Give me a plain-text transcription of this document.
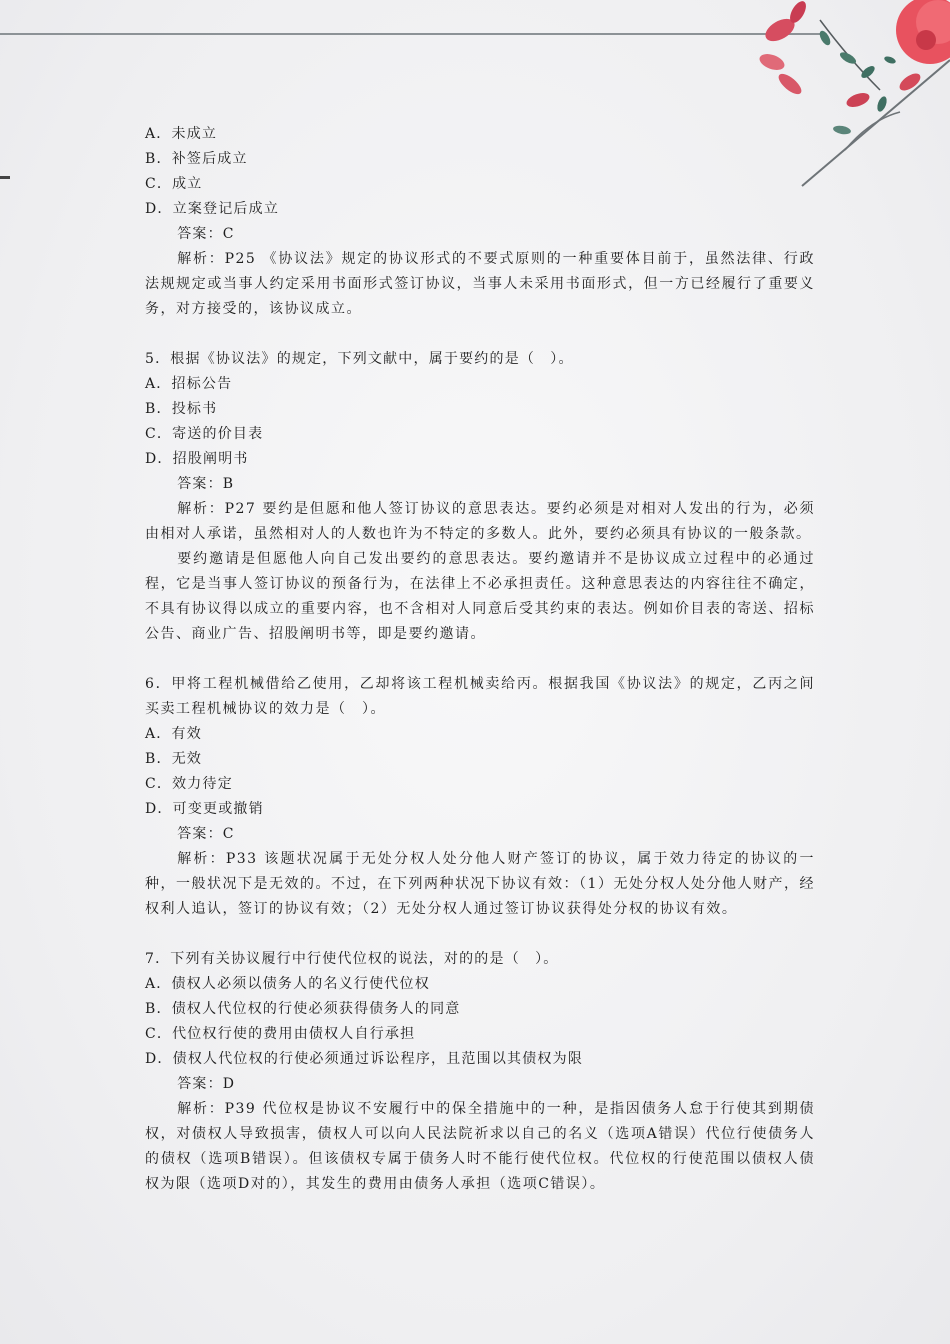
A．未成立

B．补签后成立

C．成立

D．立案登记后成立

答案：C

解析：P25 《协议法》规定的协议形式的不要式原则的一种重要体目前于，虽然法律、行政法规规定或当事人约定采用书面形式签订协议，当事人未采用书面形式，但一方已经履行了重要义务，对方接受的，该协议成立。

5．根据《协议法》的规定，下列文献中，属于要约的是（　）。

A．招标公告

B．投标书

C．寄送的价目表

D．招股阐明书

答案：B

解析：P27 要约是但愿和他人签订协议的意思表达。要约必须是对相对人发出的行为，必须由相对人承诺，虽然相对人的人数也许为不特定的多数人。此外，要约必须具有协议的一般条款。

要约邀请是但愿他人向自己发出要约的意思表达。要约邀请并不是协议成立过程中的必通过程，它是当事人签订协议的预备行为，在法律上不必承担责任。这种意思表达的内容往往不确定，不具有协议得以成立的重要内容，也不含相对人同意后受其约束的表达。例如价目表的寄送、招标公告、商业广告、招股阐明书等，即是要约邀请。

6．甲将工程机械借给乙使用，乙却将该工程机械卖给丙。根据我国《协议法》的规定，乙丙之间买卖工程机械协议的效力是（　）。

A．有效

B．无效

C．效力待定

D．可变更或撤销

答案：C

解析：P33 该题状况属于无处分权人处分他人财产签订的协议，属于效力待定的协议的一种，一般状况下是无效的。不过，在下列两种状况下协议有效：（1）无处分权人处分他人财产，经权利人追认，签订的协议有效；（2）无处分权人通过签订协议获得处分权的协议有效。

7．下列有关协议履行中行使代位权的说法，对的的是（　）。

A．债权人必须以债务人的名义行使代位权

B．债权人代位权的行使必须获得债务人的同意

C．代位权行使的费用由债权人自行承担

D．债权人代位权的行使必须通过诉讼程序，且范围以其债权为限

答案：D

解析：P39 代位权是协议不安履行中的保全措施中的一种，是指因债务人怠于行使其到期债权，对债权人导致损害，债权人可以向人民法院祈求以自己的名义（选项A错误）代位行使债务人的债权（选项B错误）。但该债权专属于债务人时不能行使代位权。代位权的行使范围以债权人债权为限（选项D对的），其发生的费用由债务人承担（选项C错误）。
